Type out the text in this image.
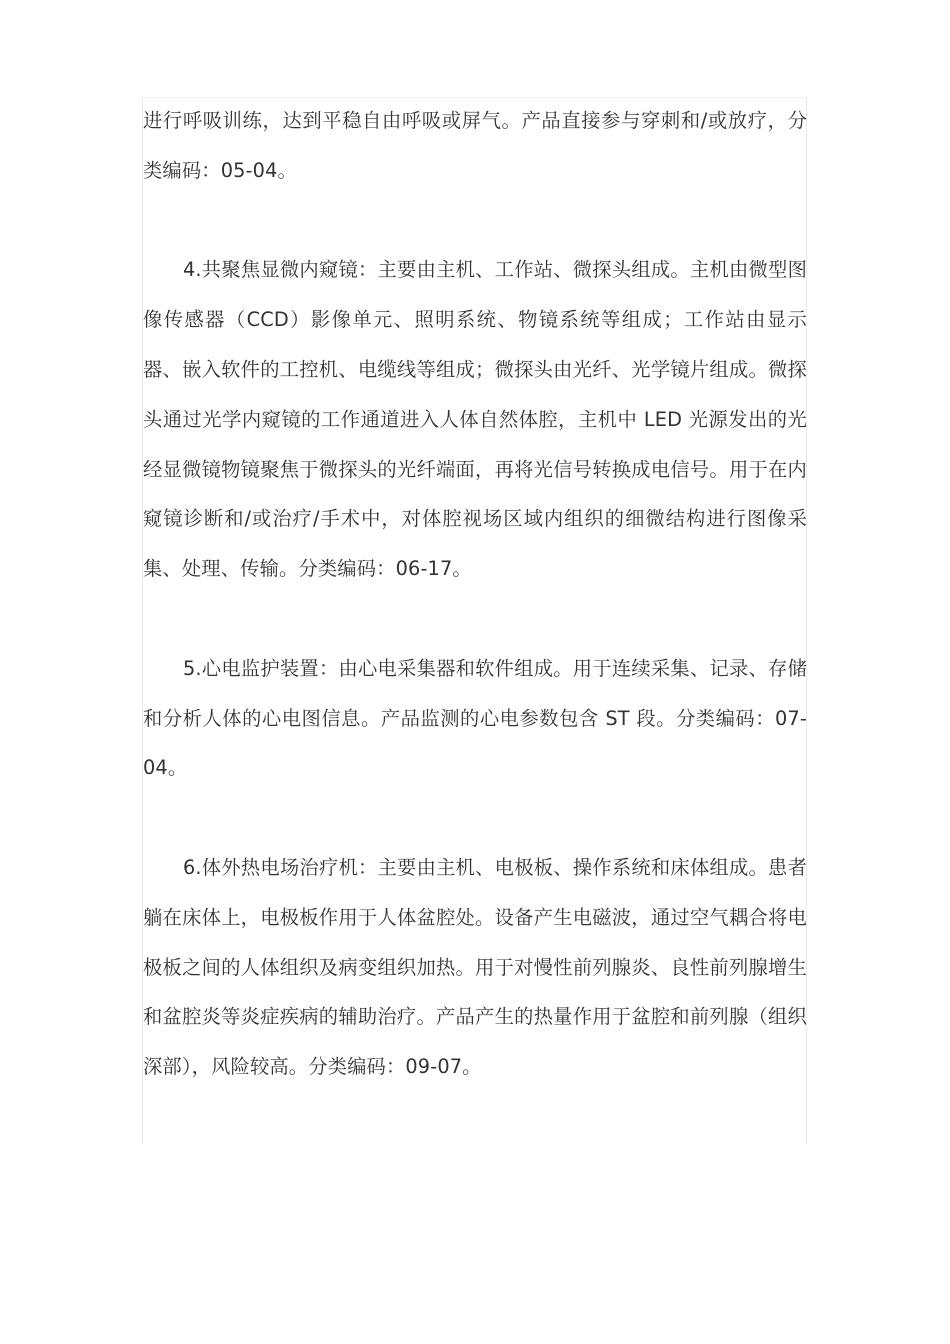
进行呼吸训练，达到平稳自由呼吸或屏气。产品直接参与穿刺和/或放疗，分类编码：05-04。

4.共聚焦显微内窥镜：主要由主机、工作站、微探头组成。主机由微型图像传感器（CCD）影像单元、照明系统、物镜系统等组成；工作站由显示器、嵌入软件的工控机、电缆线等组成；微探头由光纤、光学镜片组成。微探头通过光学内窥镜的工作通道进入人体自然体腔，主机中 LED 光源发出的光经显微镜物镜聚焦于微探头的光纤端面，再将光信号转换成电信号。用于在内窥镜诊断和/或治疗/手术中，对体腔视场区域内组织的细微结构进行图像采集、处理、传输。分类编码：06-17。

5.心电监护装置：由心电采集器和软件组成。用于连续采集、记录、存储和分析人体的心电图信息。产品监测的心电参数包含 ST 段。分类编码：07-04。

6.体外热电场治疗机：主要由主机、电极板、操作系统和床体组成。患者躺在床体上，电极板作用于人体盆腔处。设备产生电磁波，通过空气耦合将电极板之间的人体组织及病变组织加热。用于对慢性前列腺炎、良性前列腺增生和盆腔炎等炎症疾病的辅助治疗。产品产生的热量作用于盆腔和前列腺（组织深部），风险较高。分类编码：09-07。
